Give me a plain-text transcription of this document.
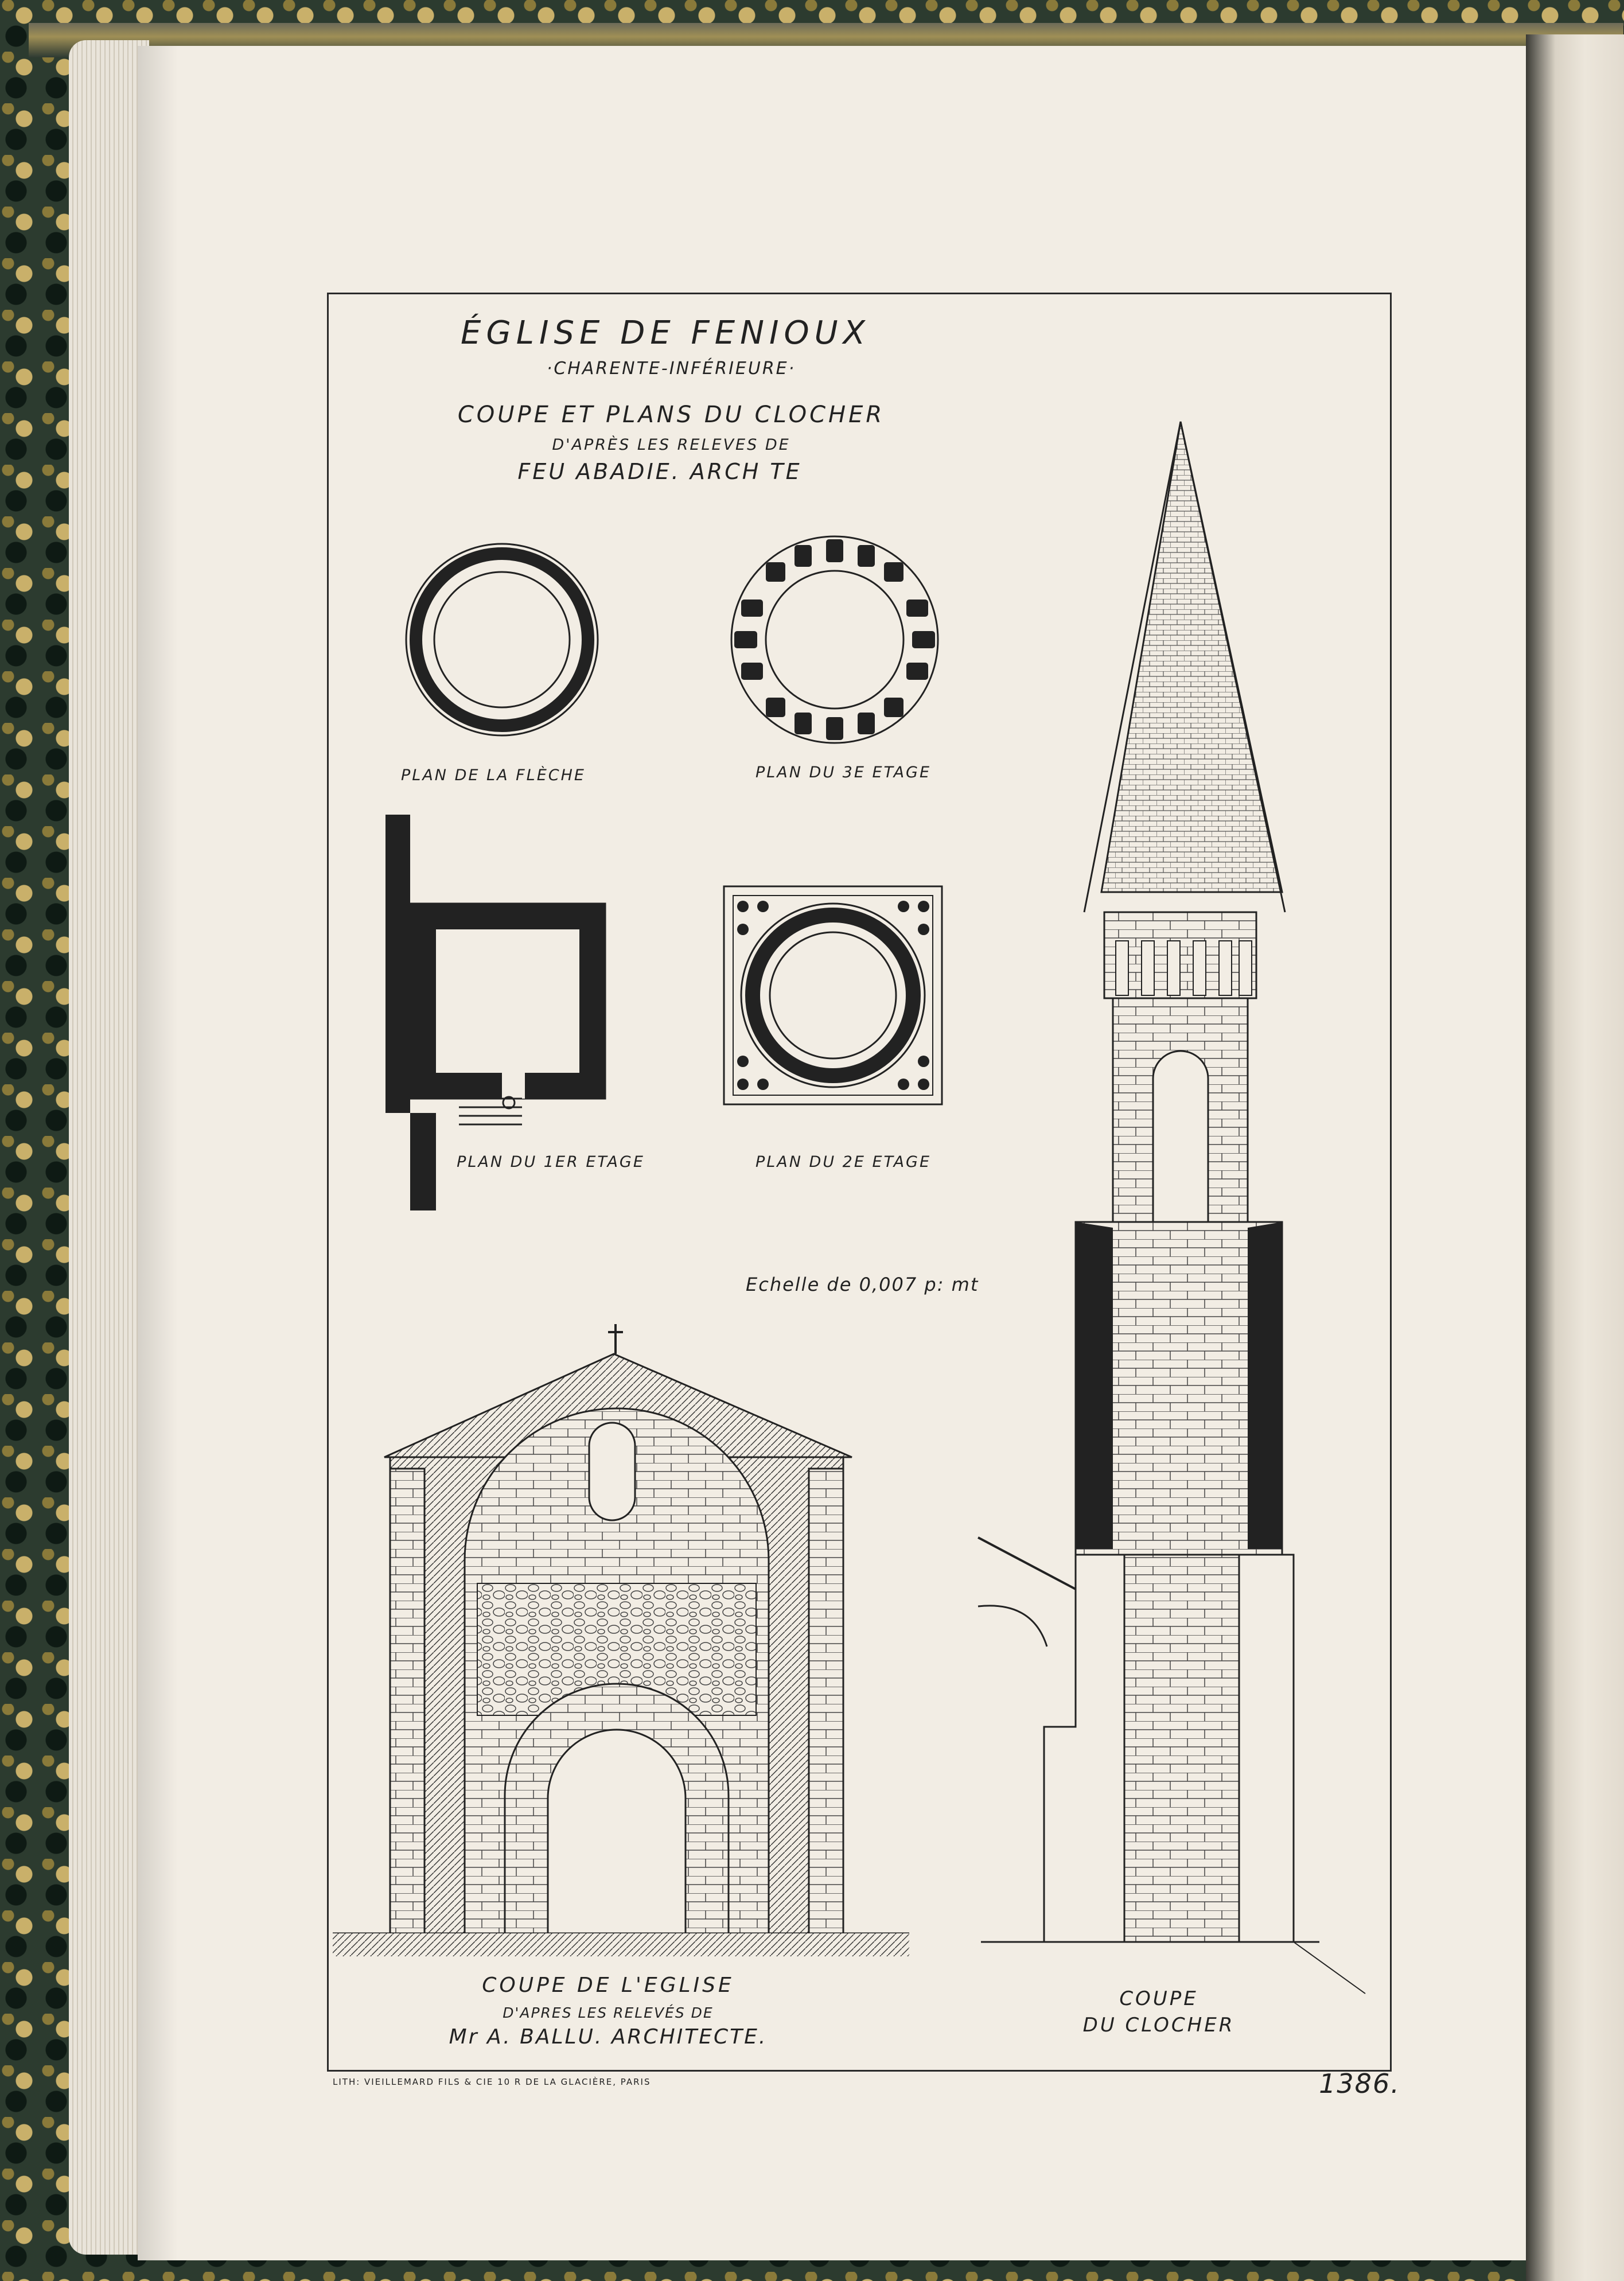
ÉGLISE DE FENIOUX
·CHARENTE-INFÉRIEURE·
COUPE ET PLANS DU CLOCHER
D'APRÈS LES RELEVES DE
FEU ABADIE. ARCH TE
PLAN DE LA FLÈCHE	PLAN DU 3E ETAGE
PLAN DU 1ER ETAGE	PLAN DU 2E ETAGE
Echelle de 0,007 p: mt
COUPE DE L'EGLISE
D'APRES LES RELEVÉS DE
Mr A. BALLU. ARCHITECTE.
COUPE
DU CLOCHER
LITH: VIEILLEMARD FILS & CIE 10 R DE LA GLACIÈRE, PARIS	1386.
